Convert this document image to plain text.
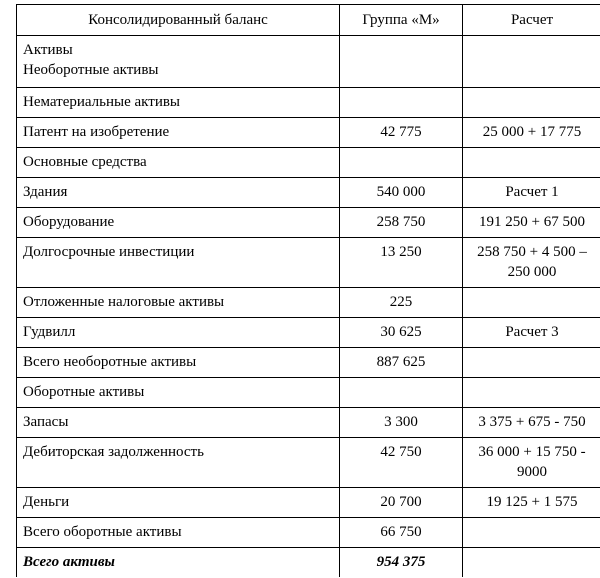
Консолидированный баланс	Группа «М»	Расчет

Активы
Необоротные активы		

Нематериальные активы		

Патент на изобретение	42 775	25 000 + 17 775

Основные средства		

Здания	540 000	Расчет 1

Оборудование	258 750	191 250 + 67 500

Долгосрочные инвестиции	13 250	258 750 + 4 500 –
250 000

Отложенные налоговые активы	225	

Гудвилл	30 625	Расчет 3

Всего необоротные активы	887 625	

Оборотные активы		

Запасы	3 300	3 375 + 675 - 750

Дебиторская задолженность	42 750	36 000 + 15 750 -
9000

Деньги	20 700	19 125 + 1 575

Всего оборотные активы	66 750	

Всего активы	954 375	
